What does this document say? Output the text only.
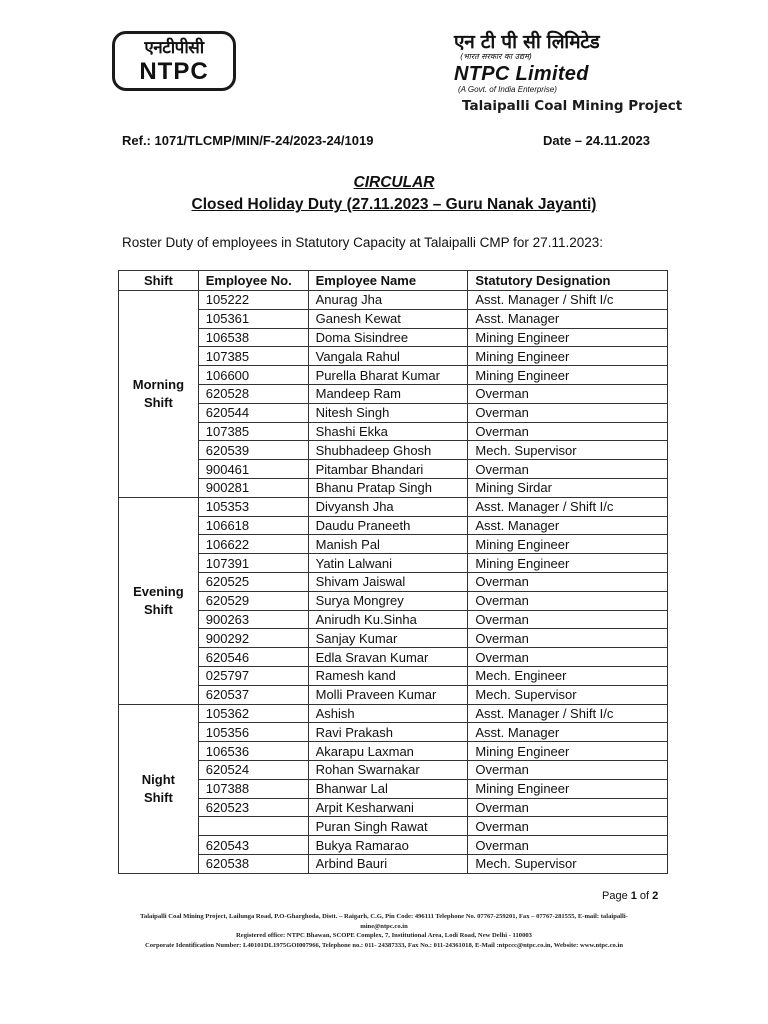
एनटीपीसी
NTPC
एन टी पी सी लिमिटेड
(भारत सरकार का उद्यम)
NTPC Limited
(A Govt. of India Enterprise)
Talaipalli Coal Mining Project
Ref.: 1071/TLCMP/MIN/F-24/2023-24/1019	Date – 24.11.2023
CIRCULAR
Closed Holiday Duty (27.11.2023 – Guru Nanak Jayanti)
Roster Duty of employees in Statutory Capacity at Talaipalli CMP for 27.11.2023:
Shift	Employee No.	Employee Name	Statutory Designation

Morning
Shift	105222	Anurag Jha	Asst. Manager / Shift I/c
	105361	Ganesh Kewat	Asst. Manager
	106538	Doma Sisindree	Mining Engineer
	107385	Vangala Rahul	Mining Engineer
	106600	Purella Bharat Kumar	Mining Engineer
	620528	Mandeep Ram	Overman
	620544	Nitesh Singh	Overman
	107385	Shashi Ekka	Overman
	620539	Shubhadeep Ghosh	Mech. Supervisor
	900461	Pitambar Bhandari	Overman
	900281	Bhanu Pratap Singh	Mining Sirdar

Evening
Shift	105353	Divyansh Jha	Asst. Manager / Shift I/c
	106618	Daudu Praneeth	Asst. Manager
	106622	Manish Pal	Mining Engineer
	107391	Yatin Lalwani	Mining Engineer
	620525	Shivam Jaiswal	Overman
	620529	Surya Mongrey	Overman
	900263	Anirudh Ku.Sinha	Overman
	900292	Sanjay Kumar	Overman
	620546	Edla Sravan Kumar	Overman
	025797	Ramesh kand	Mech. Engineer
	620537	Molli Praveen Kumar	Mech. Supervisor

Night
Shift	105362	Ashish	Asst. Manager / Shift I/c
	105356	Ravi Prakash	Asst. Manager
	106536	Akarapu Laxman	Mining Engineer
	620524	Rohan Swarnakar	Overman
	107388	Bhanwar Lal	Mining Engineer
	620523	Arpit Kesharwani	Overman
		Puran Singh Rawat	Overman
	620543	Bukya Ramarao	Overman
	620538	Arbind Bauri	Mech. Supervisor
Page 1 of 2
Talaipalli Coal Mining Project, Lailunga Road, P.O-Gharghoda, Distt. – Raigarh, C.G, Pin Code: 496111 Telephone No. 07767-259201, Fax – 07767-281555, E-mail: talaipalli-
mine@ntpc.co.in
Registered office: NTPC Bhawan, SCOPE Complex, 7, Institutional Area, Lodi Road, New Delhi - 110003
Corporate Identification Number: L40101DL1975GOI007966, Telephone no.: 011- 24387333, Fax No.: 011-24361018, E-Mail :ntpccc@ntpc.co.in, Website: www.ntpc.co.in
